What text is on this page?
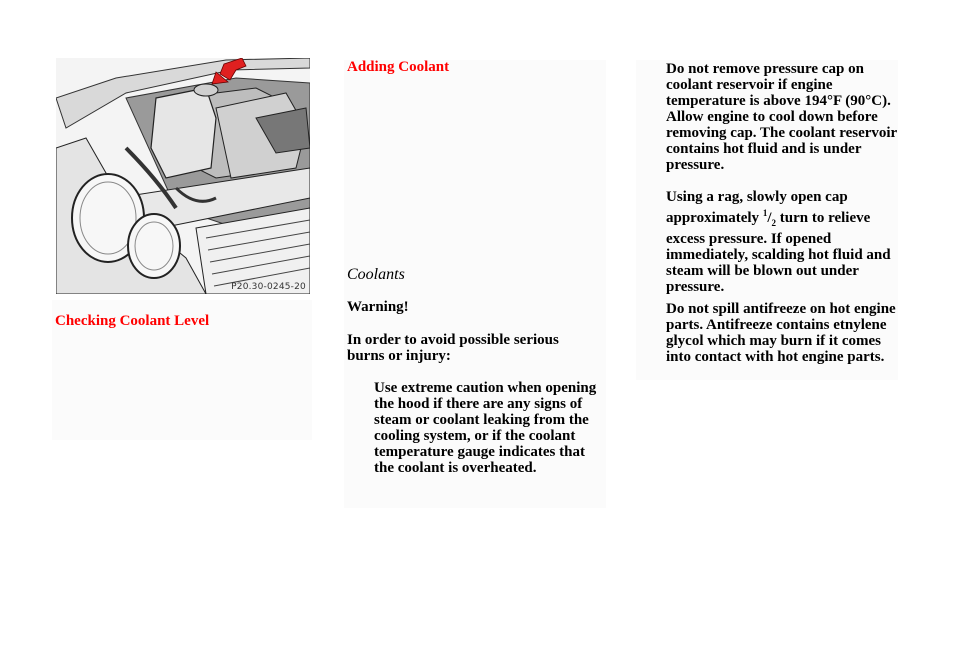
P20.30-0245-20
Checking Coolant Level
Adding Coolant
Coolants
Warning!

In order to avoid possible serious burns or injury:

Use extreme caution when opening the hood if there are any signs of steam or coolant leaking from the cooling system, or if the coolant temperature gauge indicates that the coolant is overheated.

Do not remove pressure cap on coolant reservoir if engine temperature is above 194°F (90°C). Allow engine to cool down before removing cap. The coolant reservoir contains hot fluid and is under pressure.

Using a rag, slowly open cap approximately $^1/_2$ turn to relieve excess pressure. If opened immediately, scalding hot fluid and steam will be blown out under pressure.

Do not spill antifreeze on hot engine parts. Antifreeze contains etnylene glycol which may burn if it comes into contact with hot engine parts.
